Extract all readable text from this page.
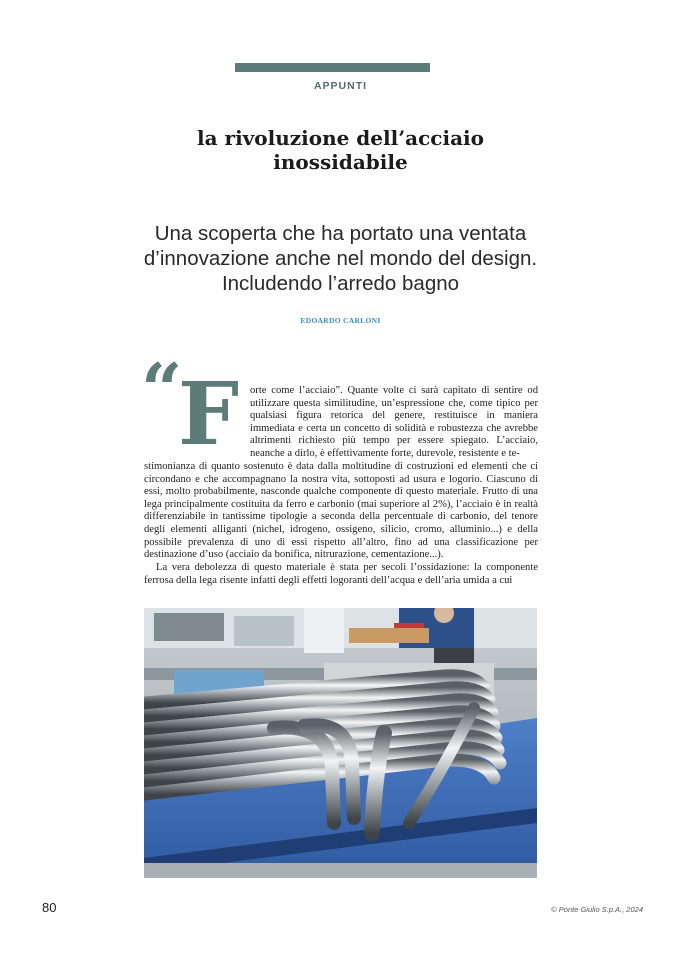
APPUNTI
la rivoluzione dell’acciaio
inossidabile
Una scoperta che ha portato una ventata d’innovazione anche nel mondo del design. Includendo l’arredo bagno
EDOARDO CARLONI
“
F orte come l’acciaio”. Quante volte ci sarà capitato di sentire od utilizzare questa similitudine, un’espressione che, come tipico per qualsiasi figura retorica del genere, restituisce in maniera immediata e certa un concetto di solidità e robustezza che avrebbe altrimenti richiesto più tempo per essere spiegato. L’acciaio, neanche a dirlo, è effettivamente forte, durevole, resistente e te-

stimonianza di quanto sostenuto è data dalla moltitudine di costruzioni ed elementi che ci circondano e che accompagnano la nostra vita, sottoposti ad usura e logorio. Ciascuno di essi, molto probabilmente, nasconde qualche componente di questo materiale. Frutto di una lega principalmente costituita da ferro e carbonio (mai superiore al 2%), l’acciaio è in realtà differenziabile in tantissime tipologie a seconda della percentuale di carbonio, del tenore degli elementi alliganti (nichel, idrogeno, ossigeno, silicio, cromo, alluminio...) e della possibile prevalenza di uno di essi rispetto all’altro, fino ad una classificazione per destinazione d’uso (acciaio da bonifica, nitrurazione, cementazione...).

La vera debolezza di questo materiale è stata per secoli l’ossidazione: la componente ferrosa della lega risente infatti degli effetti logoranti dell’acqua e dell’aria umida a cui

80	© Ponte Giulio S.p.A., 2024
